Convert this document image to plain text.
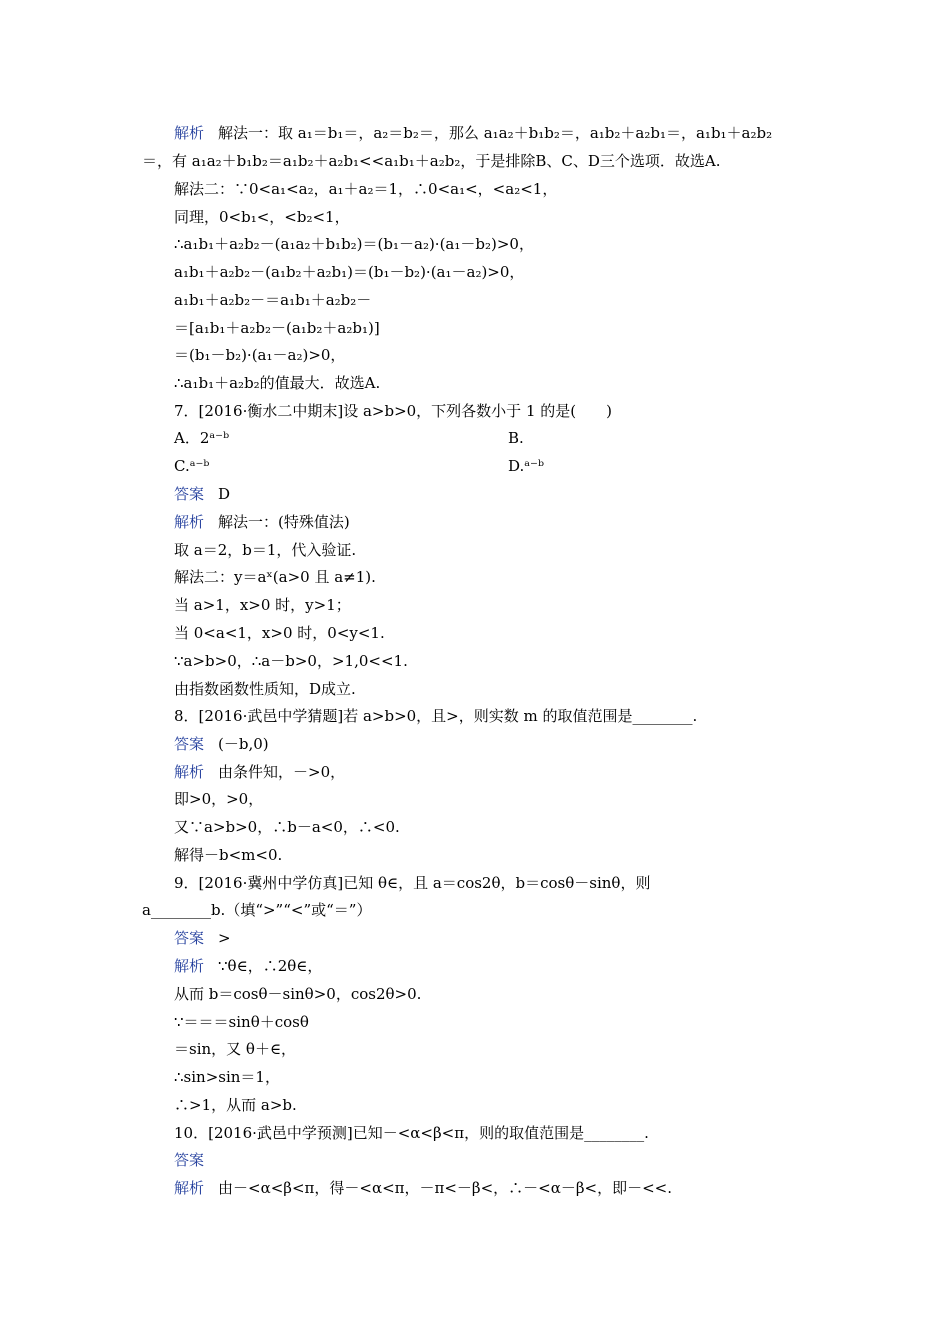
解析 解法一：取 a₁＝b₁＝，a₂＝b₂＝，那么 a₁a₂＋b₁b₂＝，a₁b₂＋a₂b₁＝，a₁b₁＋a₂b₂
＝，有 a₁a₂＋b₁b₂＝a₁b₂＋a₂b₁<<a₁b₁＋a₂b₂，于是排除B、C、D三个选项．故选A.
解法二：∵0<a₁<a₂，a₁＋a₂＝1，∴0<a₁<，<a₂<1，
同理，0<b₁<，<b₂<1，
∴a₁b₁＋a₂b₂－(a₁a₂＋b₁b₂)＝(b₁－a₂)·(a₁－b₂)>0，
a₁b₁＋a₂b₂－(a₁b₂＋a₂b₁)＝(b₁－b₂)·(a₁－a₂)>0，
a₁b₁＋a₂b₂－＝a₁b₁＋a₂b₂－
＝[a₁b₁＋a₂b₂－(a₁b₂＋a₂b₁)]
＝(b₁－b₂)·(a₁－a₂)>0，
∴a₁b₁＋a₂b₂的值最大．故选A.
7．[2016·衡水二中期末]设 a>b>0，下列各数小于 1 的是(　　)
A．2ᵃ⁻ᵇ	B.
C.ᵃ⁻ᵇ	D.ᵃ⁻ᵇ
答案 D
解析 解法一：(特殊值法)
取 a＝2，b＝1，代入验证.
解法二：y＝aˣ(a>0 且 a≠1).
当 a>1，x>0 时，y>1；
当 0<a<1，x>0 时，0<y<1.
∵a>b>0，∴a－b>0，>1,0<<1.
由指数函数性质知，D成立.
8．[2016·武邑中学猜题]若 a>b>0，且>，则实数 m 的取值范围是________.
答案 (－b,0)
解析 由条件知，－>0，
即>0，>0，
又∵a>b>0，∴b－a<0，∴<0.
解得－b<m<0.
9．[2016·冀州中学仿真]已知 θ∈，且 a＝cos2θ，b＝cosθ－sinθ，则
a________b.（填“>”“<”或“＝”）
答案 >
解析 ∵θ∈，∴2θ∈，
从而 b＝cosθ－sinθ>0，cos2θ>0.
∵＝＝＝sinθ＋cosθ
＝sin，又 θ＋∈，
∴sin>sin＝1，
∴>1，从而 a>b.
10．[2016·武邑中学预测]已知－<α<β<π，则的取值范围是________.
答案
解析 由－<α<β<π，得－<α<π，－π<－β<，∴－<α－β<，即－<<.
